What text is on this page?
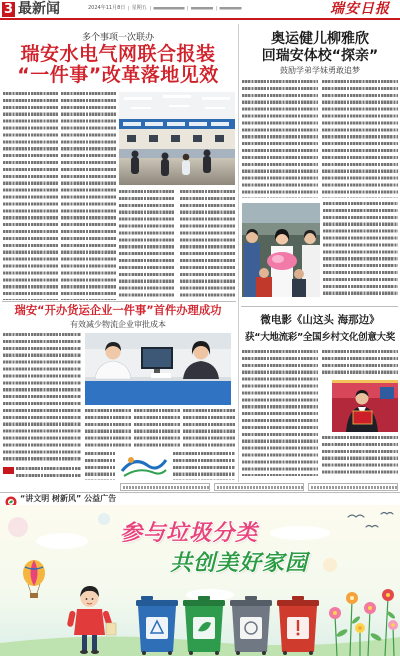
3 最新闻	2024年11月8日 星期五	瑞安日报
多个事项一次联办
瑞安水电气网联合报装
“一件事”改革落地见效
瑞安“开办货运企业一件事”首件办理成功
有效减少物流企业审批成本
奥运健儿柳雅欣
回瑞安体校“探亲”
鼓励学弟学妹勇敢追梦
微电影《山这头 海那边》
获“大地流彩”全国乡村文化创意大奖
“讲文明 树新风” 公益广告
参与垃圾分类
共创美好家园
